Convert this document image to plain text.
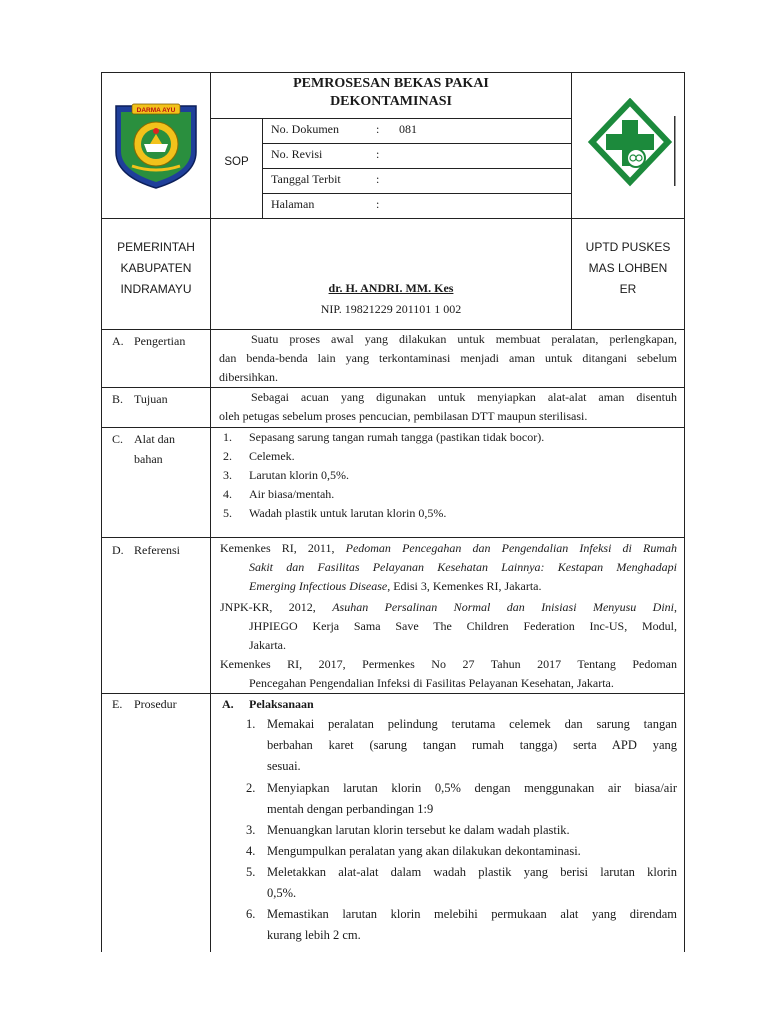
DARMA AYU
PEMROSESAN BEKAS PAKAI
DEKONTAMINASI
SOP
No. Dokumen	: 081
No. Revisi	:
Tanggal Terbit	:
Halaman	:
PEMERINTAH
KABUPATEN
INDRAMAYU	dr. H. ANDRI. MM. Kes
NIP. 19821229 201101 1 002
UPTD PUSKES
MAS LOHBEN
ER
A. Pengertian	Suatu proses awal yang dilakukan untuk membuat peralatan, perlengkapan,
dan benda-benda lain yang terkontaminasi menjadi aman untuk ditangani sebelum
dibersihkan.
B. Tujuan	Sebagai acuan yang digunakan untuk menyiapkan alat-alat aman disentuh
oleh petugas sebelum proses pencucian, pembilasan DTT maupun sterilisasi.
C. Alat dan
bahan
1. Sepasang sarung tangan rumah tangga (pastikan tidak bocor).
2. Celemek.
3. Larutan klorin 0,5%.
4. Air biasa/mentah.
5. Wadah plastik untuk larutan klorin 0,5%.
D. Referensi	Kemenkes RI, 2011, Pedoman Pencegahan dan Pengendalian Infeksi di Rumah
Sakit dan Fasilitas Pelayanan Kesehatan Lainnya: Kestapan Menghadapi
Emerging Infectious Disease, Edisi 3, Kemenkes RI, Jakarta.
JNPK-KR, 2012, Asuhan Persalinan Normal dan Inisiasi Menyusu Dini,
JHPIEGO Kerja Sama Save The Children Federation Inc-US, Modul,
Jakarta.
Kemenkes RI, 2017, Permenkes No 27 Tahun 2017 Tentang Pedoman
Pencegahan Pengendalian Infeksi di Fasilitas Pelayanan Kesehatan, Jakarta.
E. Prosedur	A. Pelaksanaan
1. Memakai peralatan pelindung terutama celemek dan sarung tangan
berbahan karet (sarung tangan rumah tangga) serta APD yang
sesuai.
2. Menyiapkan larutan klorin 0,5% dengan menggunakan air biasa/air
mentah dengan perbandingan 1:9
3. Menuangkan larutan klorin tersebut ke dalam wadah plastik.
4. Mengumpulkan peralatan yang akan dilakukan dekontaminasi.
5. Meletakkan alat-alat dalam wadah plastik yang berisi larutan klorin
0,5%.
6. Memastikan larutan klorin melebihi permukaan alat yang direndam
kurang lebih 2 cm.
